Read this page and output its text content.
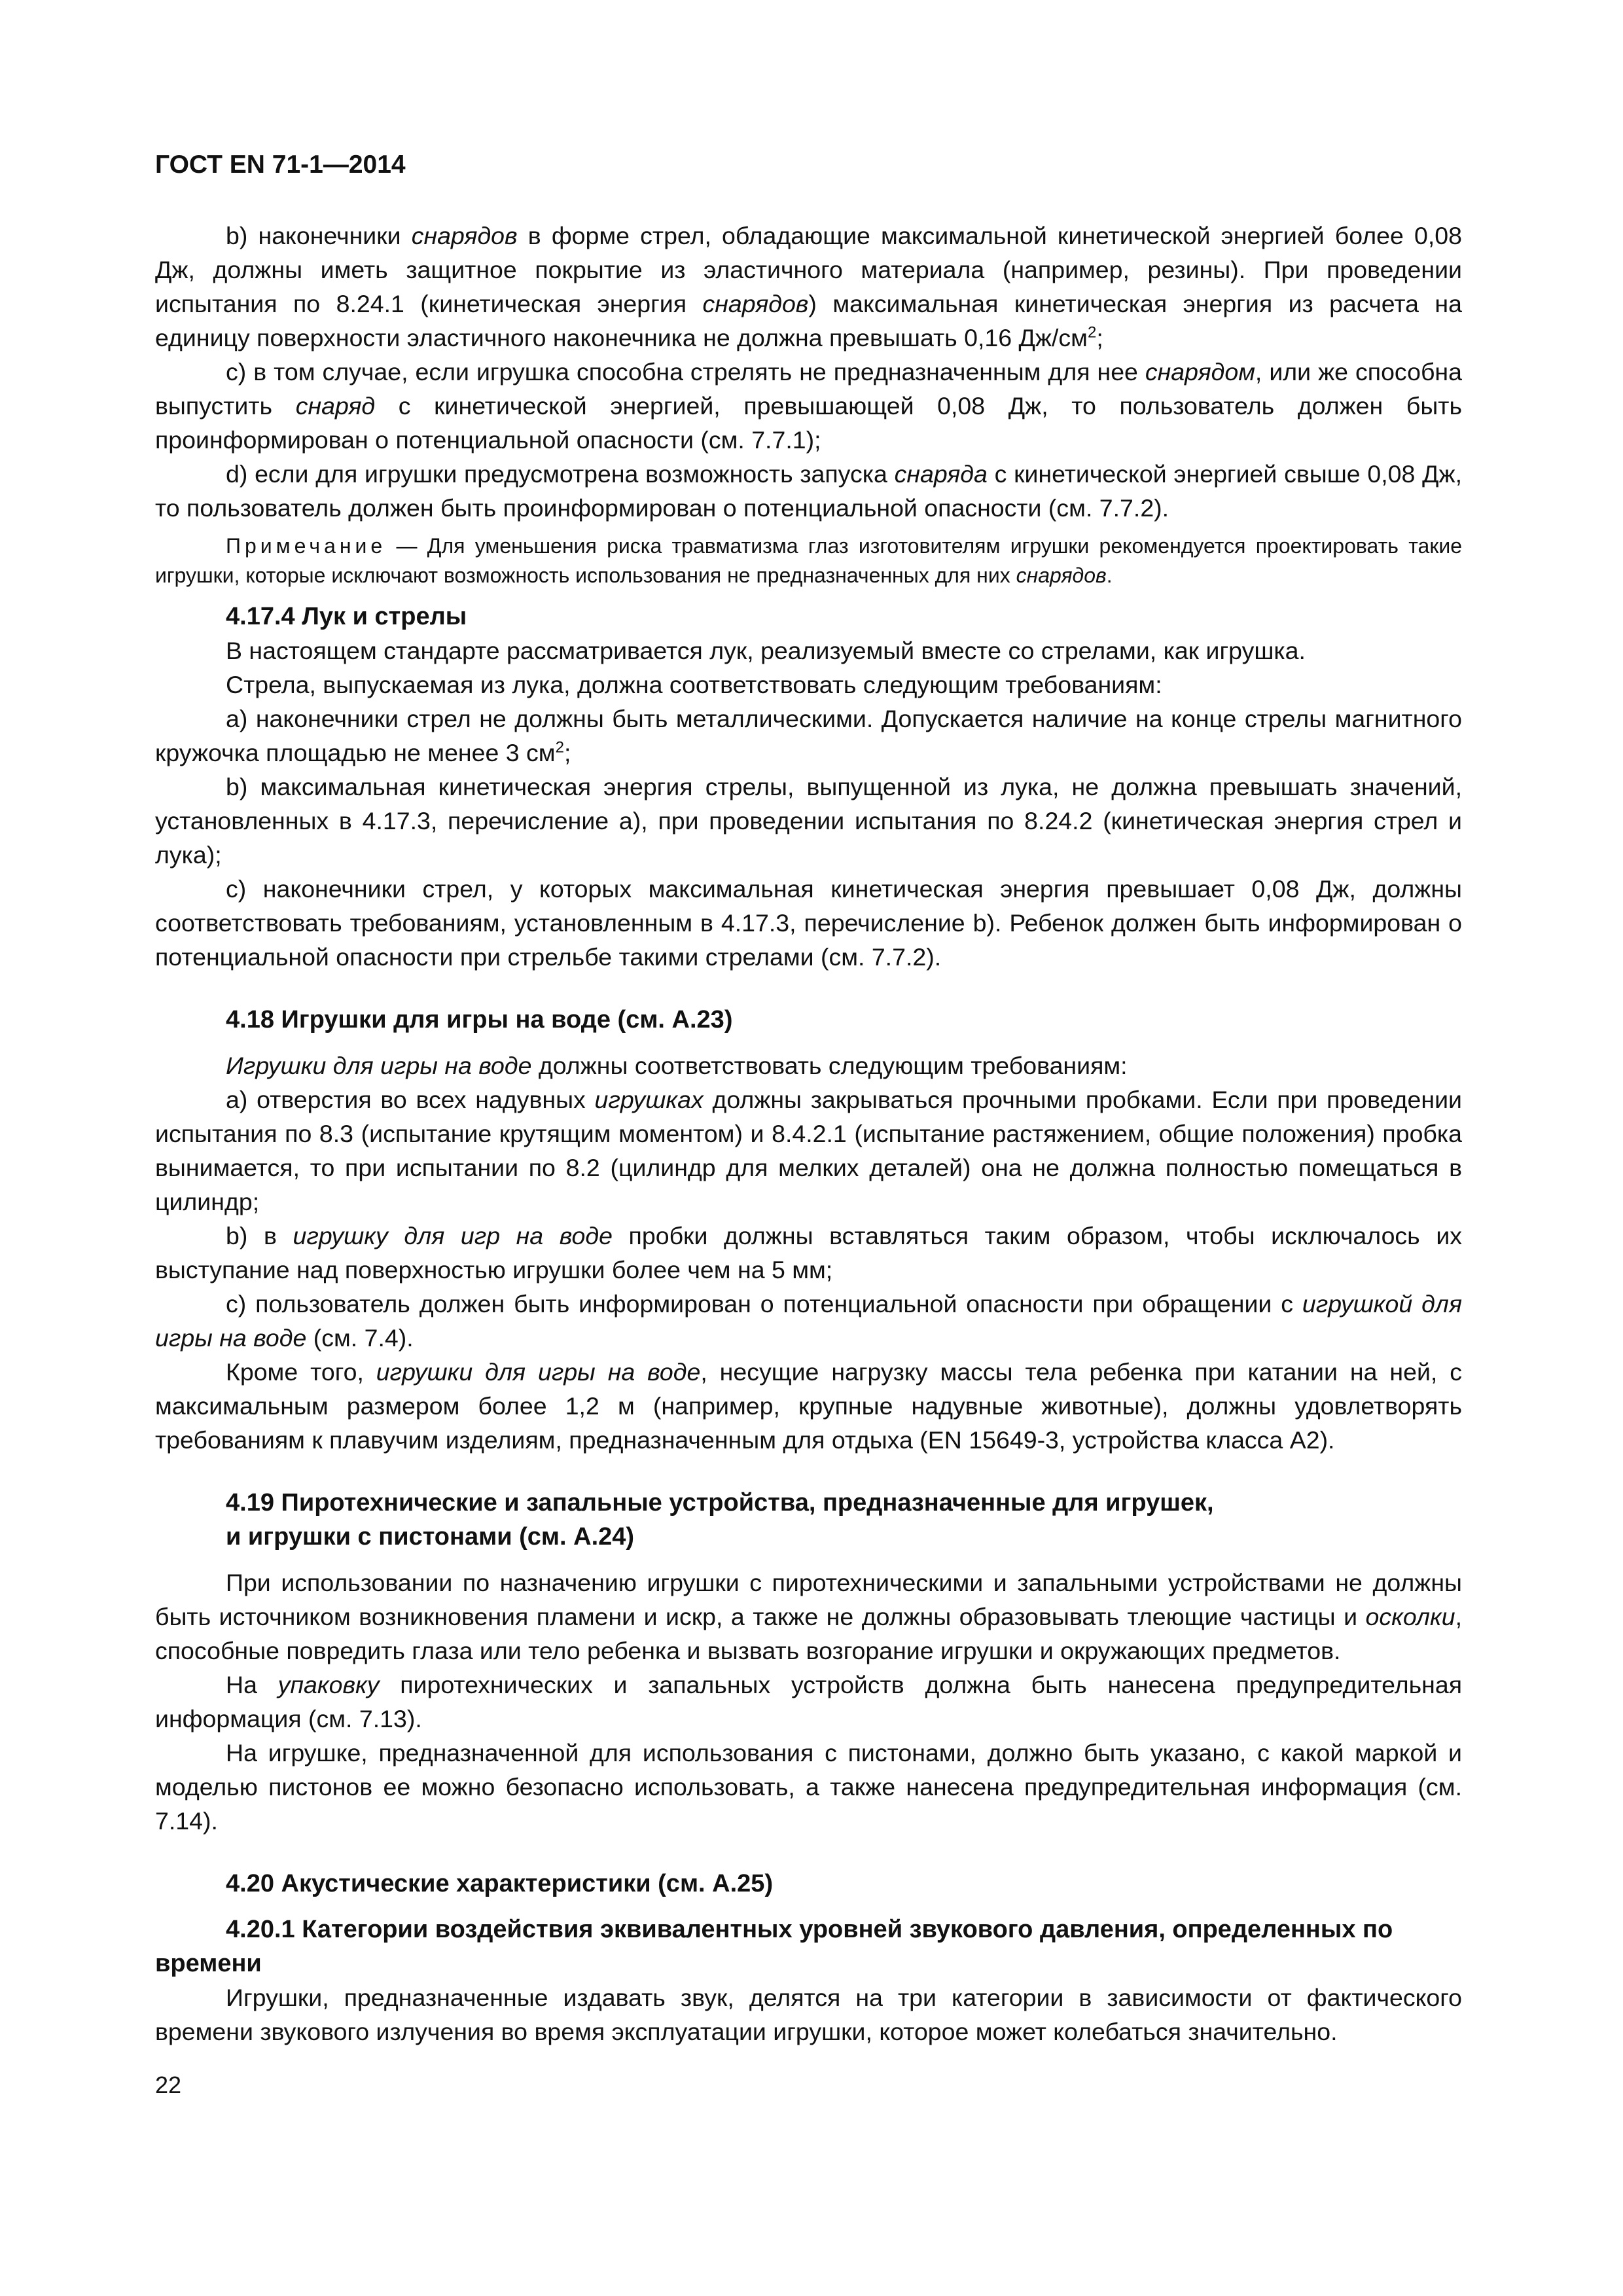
ГОСТ EN 71-1—2014

b) наконечники снарядов в форме стрел, обладающие максимальной кинетической энергией более 0,08 Дж, должны иметь защитное покрытие из эластичного материала (например, резины). При проведении испытания по 8.24.1 (кинетическая энергия снарядов) максимальная кинетическая энергия из расчета на единицу поверхности эластичного наконечника не должна превышать 0,16 $Дж/см^2$;

c) в том случае, если игрушка способна стрелять не предназначенным для нее снарядом, или же способна выпустить снаряд с кинетической энергией, превышающей 0,08 Дж, то пользователь должен быть проинформирован о потенциальной опасности (см. 7.7.1);

d) если для игрушки предусмотрена возможность запуска снаряда с кинетической энергией свыше 0,08 Дж, то пользователь должен быть проинформирован о потенциальной опасности (см. 7.7.2).

Примечание — Для уменьшения риска травматизма глаз изготовителям игрушки рекомендуется проектировать такие игрушки, которые исключают возможность использования не предназначенных для них снарядов.
4.17.4 Лук и стрелы

В настоящем стандарте рассматривается лук, реализуемый вместе со стрелами, как игрушка.

Стрела, выпускаемая из лука, должна соответствовать следующим требованиям:

a) наконечники стрел не должны быть металлическими. Допускается наличие на конце стрелы магнитного кружочка площадью не менее 3 $см^2$;

b) максимальная кинетическая энергия стрелы, выпущенной из лука, не должна превышать значений, установленных в 4.17.3, перечисление a), при проведении испытания по 8.24.2 (кинетическая энергия стрел и лука);

c) наконечники стрел, у которых максимальная кинетическая энергия превышает 0,08 Дж, должны соответствовать требованиям, установленным в 4.17.3, перечисление b). Ребенок должен быть информирован о потенциальной опасности при стрельбе такими стрелами (см. 7.7.2).

4.18 Игрушки для игры на воде (см. А.23)

Игрушки для игры на воде должны соответствовать следующим требованиям:

a) отверстия во всех надувных игрушках должны закрываться прочными пробками. Если при проведении испытания по 8.3 (испытание крутящим моментом) и 8.4.2.1 (испытание растяжением, общие положения) пробка вынимается, то при испытании по 8.2 (цилиндр для мелких деталей) она не должна полностью помещаться в цилиндр;

b) в игрушку для игр на воде пробки должны вставляться таким образом, чтобы исключалось их выступание над поверхностью игрушки более чем на 5 мм;

c) пользователь должен быть информирован о потенциальной опасности при обращении с игрушкой для игры на воде (см. 7.4).

Кроме того, игрушки для игры на воде, несущие нагрузку массы тела ребенка при катании на ней, с максимальным размером более 1,2 м (например, крупные надувные животные), должны удовлетворять требованиям к плавучим изделиям, предназначенным для отдыха (EN 15649-3, устройства класса A2).

4.19 Пиротехнические и запальные устройства, предназначенные для игрушек,
и игрушки с пистонами (см. А.24)

При использовании по назначению игрушки с пиротехническими и запальными устройствами не должны быть источником возникновения пламени и искр, а также не должны образовывать тлеющие частицы и осколки, способные повредить глаза или тело ребенка и вызвать возгорание игрушки и окружающих предметов.

На упаковку пиротехнических и запальных устройств должна быть нанесена предупредительная информация (см. 7.13).

На игрушке, предназначенной для использования с пистонами, должно быть указано, с какой маркой и моделью пистонов ее можно безопасно использовать, а также нанесена предупредительная информация (см. 7.14).

4.20 Акустические характеристики (см. А.25)
4.20.1 Категории воздействия эквивалентных уровней звукового давления, определенных по времени

Игрушки, предназначенные издавать звук, делятся на три категории в зависимости от фактического времени звукового излучения во время эксплуатации игрушки, которое может колебаться значительно.

22
